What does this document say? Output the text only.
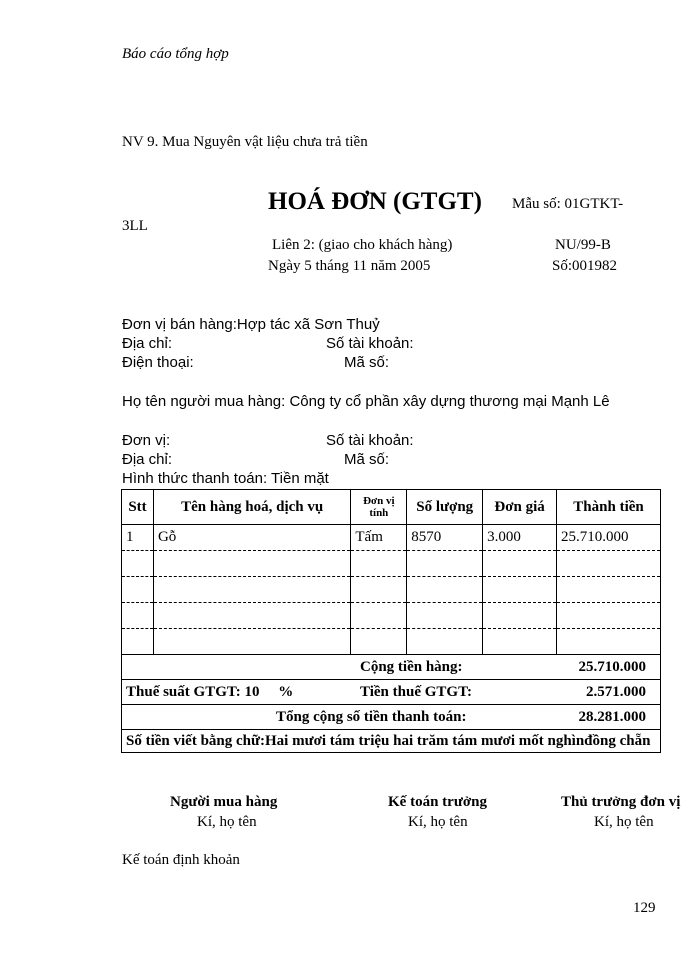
Báo cáo tổng hợp
NV 9. Mua Nguyên vật liệu chưa trả tiền
HOÁ ĐƠN (GTGT) Mẫu số: 01GTKT-
3LL
Liên 2: (giao cho khách hàng)	NU/99-B
Ngày 5 tháng 11 năm 2005	Số:001982
Đơn vị bán hàng:Hợp tác xã Sơn Thuỷ
Địa chỉ:	Số tài khoản:
Điện thoại:	Mã số:
Họ tên người mua hàng: Công ty cổ phần xây dựng thương mại Mạnh Lê
Đơn vị:	Số tài khoản:
Địa chỉ:	Mã số:
Hình thức thanh toán: Tiền mặt
Stt	Tên hàng hoá, dịch vụ	Đơn vị tính	Số lượng	Đơn giá	Thành tiền
1	Gỗ	Tấm	8570	3.000	25.710.000

Cộng tiền hàng: 25.710.000					

Thuế suất GTGT: 10     % Tiền thuế GTGT: 2.571.000					

Tổng cộng số tiền thanh toán: 28.281.000					

Số tiền viết bằng chữ:Hai mươi tám triệu hai trăm tám mươi mốt nghìnđồng chẵn					
Người mua hàng
Kí, họ tên
Kế toán trưởng
Kí, họ tên
Thủ trưởng đơn vị
Kí, họ tên
Kế toán định khoản
129
